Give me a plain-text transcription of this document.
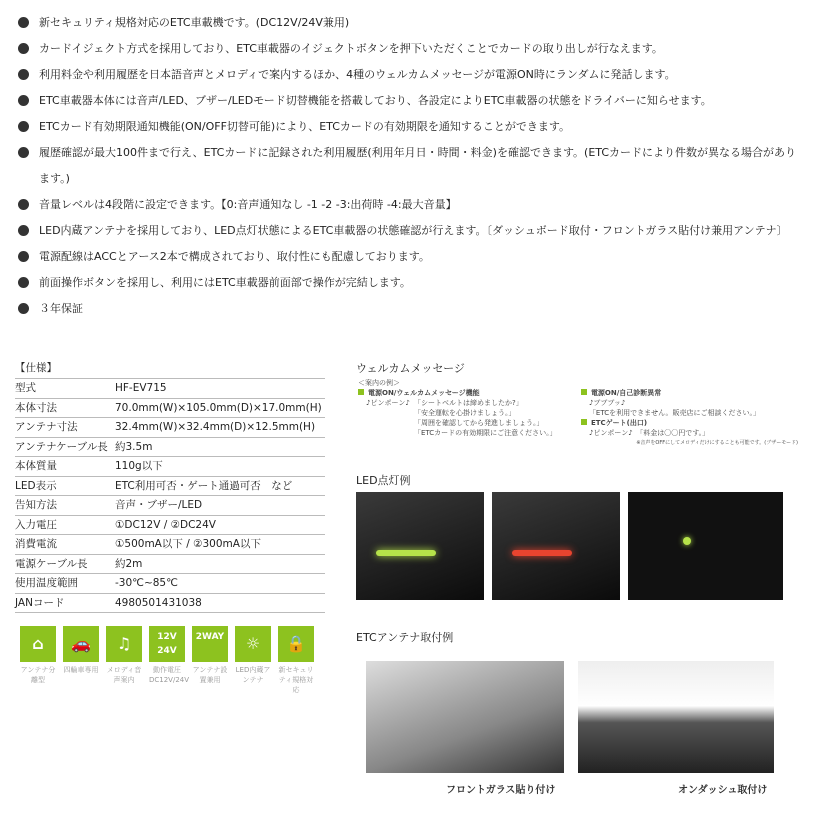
新セキュリティ規格対応のETC車載機です。(DC12V/24V兼用)
カードイジェクト方式を採用しており、ETC車載器のイジェクトボタンを押下いただくことでカードの取り出しが行なえます。
利用料金や利用履歴を日本語音声とメロディで案内するほか、4種のウェルカムメッセージが電源ON時にランダムに発話します。
ETC車載器本体には音声/LED、ブザー/LEDモード切替機能を搭載しており、各設定によりETC車載器の状態をドライバーに知らせます。
ETCカード有効期限通知機能(ON/OFF切替可能)により、ETCカードの有効期限を通知することができます。
履歴確認が最大100件まで行え、ETCカードに記録された利用履歴(利用年月日・時間・料金)を確認できます。(ETCカードにより件数が異なる場合があります。)
音量レベルは4段階に設定できます。【0:音声通知なし -1 -2 -3:出荷時 -4:最大音量】
LED内蔵アンテナを採用しており、LED点灯状態によるETC車載器の状態確認が行えます。〔ダッシュボード取付・フロントガラス貼付け兼用アンテナ〕
電源配線はACCとアース2本で構成されており、取付性にも配慮しております。
前面操作ボタンを採用し、利用にはETC車載器前面部で操作が完結します。
３年保証
【仕様】
型式	HF-EV715
本体寸法	70.0mm(W)×105.0mm(D)×17.0mm(H)
アンテナ寸法	32.4mm(W)×32.4mm(D)×12.5mm(H)
アンテナケーブル長 約3.5m
本体質量	110g以下
LED表示	ETC利用可否・ゲート通過可否　など
告知方法	音声・ブザー/LED
入力電圧	①DC12V / ②DC24V
消費電流	①500mA以下 / ②300mA以下
電源ケーブル長	約2m
使用温度範囲	-30℃~85℃
JANコード	4980501431038
⌂
アンテナ分離型
🚗
四輪車専用
♫
メロディ音声案内
12V 24V
動作電圧DC12V/24V
2WAY
アンテナ設置兼用
☼
LED内蔵アンテナ
🔒
新セキュリティ規格対応
ウェルカムメッセージ
＜案内の例＞
電源ON/ウェルカムメッセージ機能
♪ピンポーン♪ 「シートベルトは締めましたか?」
「安全運転を心掛けましょう。」
「周囲を確認してから発進しましょう。」
「ETCカードの有効期限にご注意ください。」
電源ON/自己診断異常
♪ブブブッ♪　「ETCを利用できません。販売店にご相談ください。」
ETCゲート(出口)
♪ピンポーン♪　 「料金は〇〇円です。」
※音声をOFFにしてメロディだけにすることも可能です。(ブザーモード)
LED点灯例
ETCアンテナ取付例
フロントガラス貼り付け	オンダッシュ取付け
